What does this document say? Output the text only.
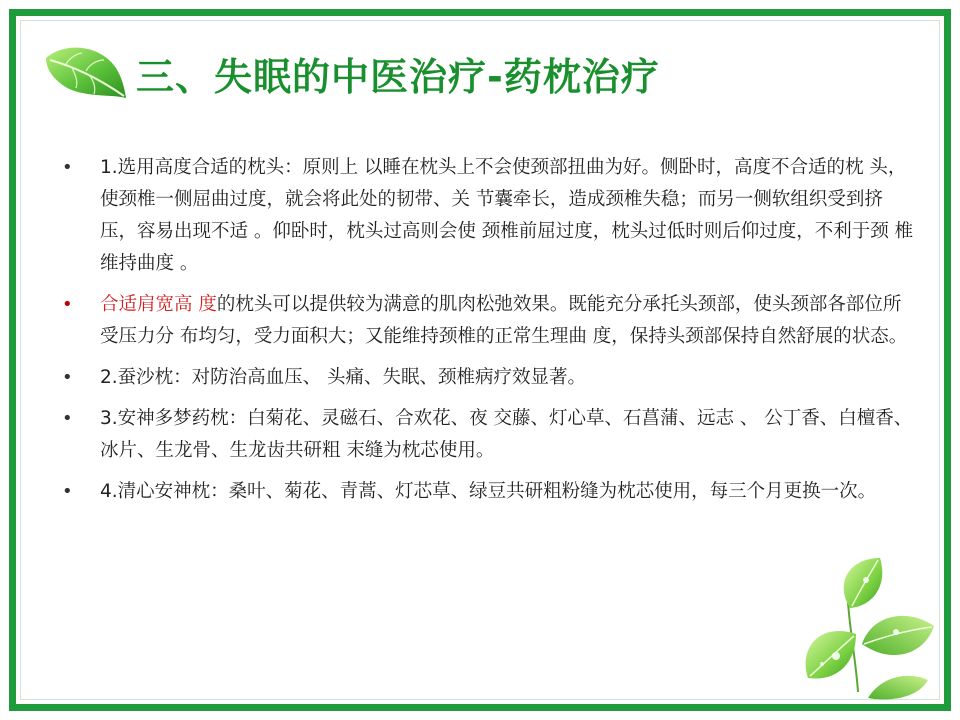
三、失眠的中医治疗-药枕治疗
• 1.选用高度合适的枕头：原则上 以睡在枕头上不会使颈部扭曲为好。侧卧时，高度不合适的枕 头，使颈椎一侧屈曲过度，就会将此处的韧带、关 节囊牵长，造成颈椎失稳；而另一侧软组织受到挤 压，容易出现不适 。仰卧时，枕头过高则会使 颈椎前屈过度，枕头过低时则后仰过度，不利于颈 椎维持曲度 。
• 合适肩宽高 度的枕头可以提供较为满意的肌肉松弛效果。既能充分承托头颈部，使头颈部各部位所受压力分 布均匀，受力面积大；又能维持颈椎的正常生理曲 度，保持头颈部保持自然舒展的状态。
• 2.蚕沙枕：对防治高血压、 头痛、失眠、颈椎病疗效显著。
• 3.安神多梦药枕：白菊花、灵磁石、合欢花、夜 交藤、灯心草、石菖蒲、远志 、 公丁香、白檀香、冰片、生龙骨、生龙齿共研粗 末缝为枕芯使用。
• 4.清心安神枕：桑叶、菊花、青蒿、灯芯草、绿豆共研粗粉缝为枕芯使用，每三个月更换一次。
